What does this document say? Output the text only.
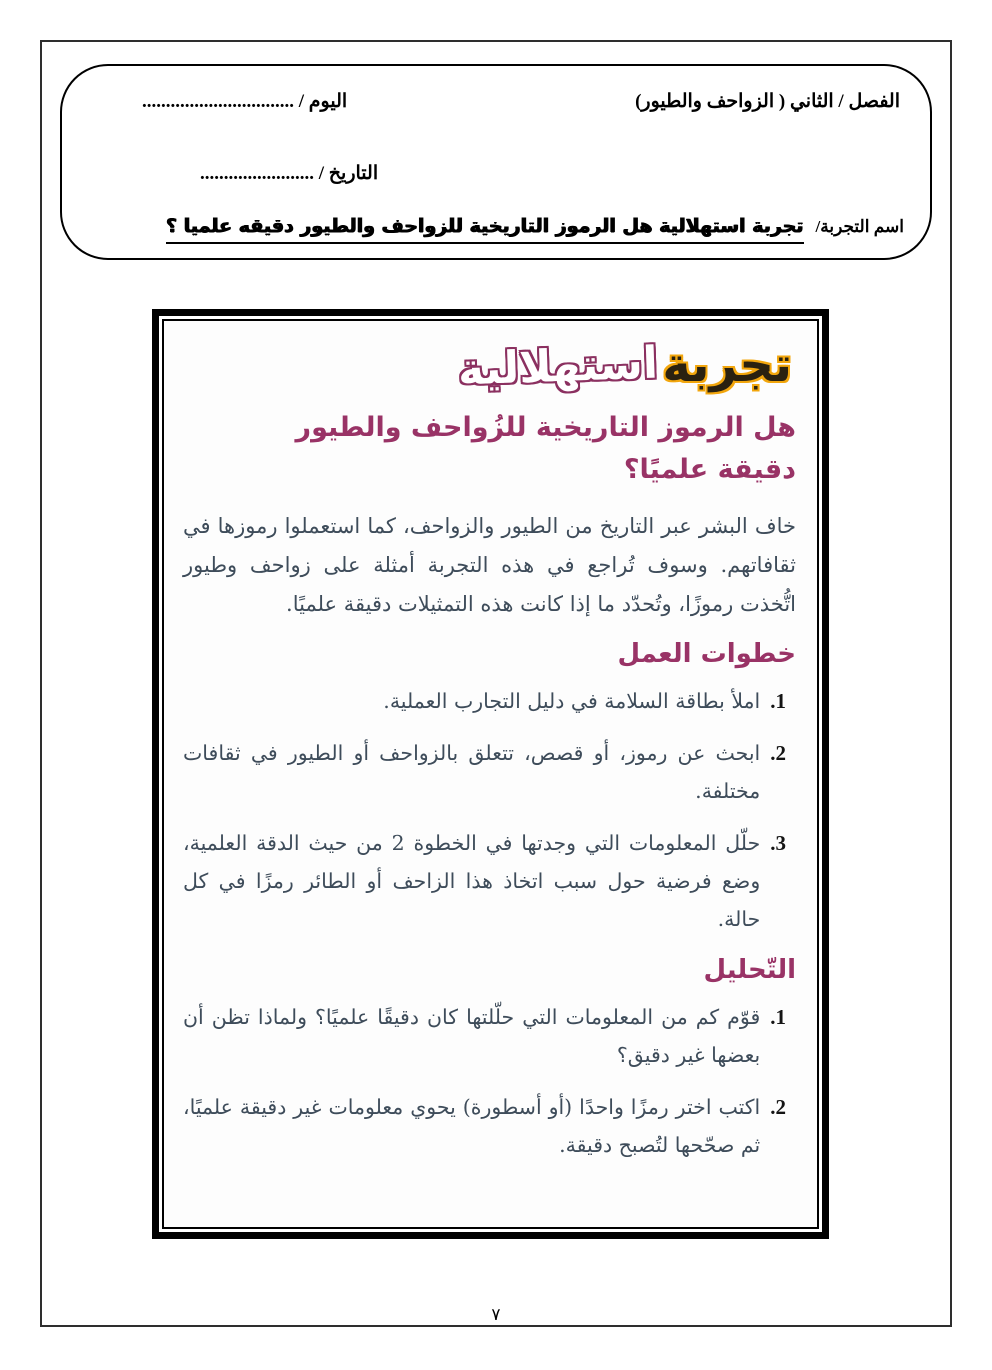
الفصل / الثاني ( الزواحف والطيور)
اليوم / ................................
التاريخ / ........................
اسم التجربة/
تجربة استهلالية هل الرموز التاريخية للزواحف والطيور دقيقه علميا ؟
تجربة استهلالية
هل الرموز التاريخية للزُواحف والطيور
دقيقة علميًا؟

خاف البشر عبر التاريخ من الطيور والزواحف، كما استعملوا رموزها في ثقافاتهم. وسوف تُراجع في هذه التجربة أمثلة على زواحف وطيور اتُّخذت رموزًا، وتُحدّد ما إذا كانت هذه التمثيلات دقيقة علميًا.

خطوات العمل
1.
املأ بطاقة السلامة في دليل التجارب العملية.
2.
ابحث عن رموز، أو قصص، تتعلق بالزواحف أو الطيور في ثقافات مختلفة.
3.
حلّل المعلومات التي وجدتها في الخطوة 2 من حيث الدقة العلمية، وضع فرضية حول سبب اتخاذ هذا الزاحف أو الطائر رمزًا في كل حالة.
التّحليل
1.
قوّم كم من المعلومات التي حلّلتها كان دقيقًا علميًا؟ ولماذا تظن أن بعضها غير دقيق؟
2.
اكتب اختر رمزًا واحدًا (أو أسطورة) يحوي معلومات غير دقيقة علميًا، ثم صحّحها لتُصبح دقيقة.
٧
